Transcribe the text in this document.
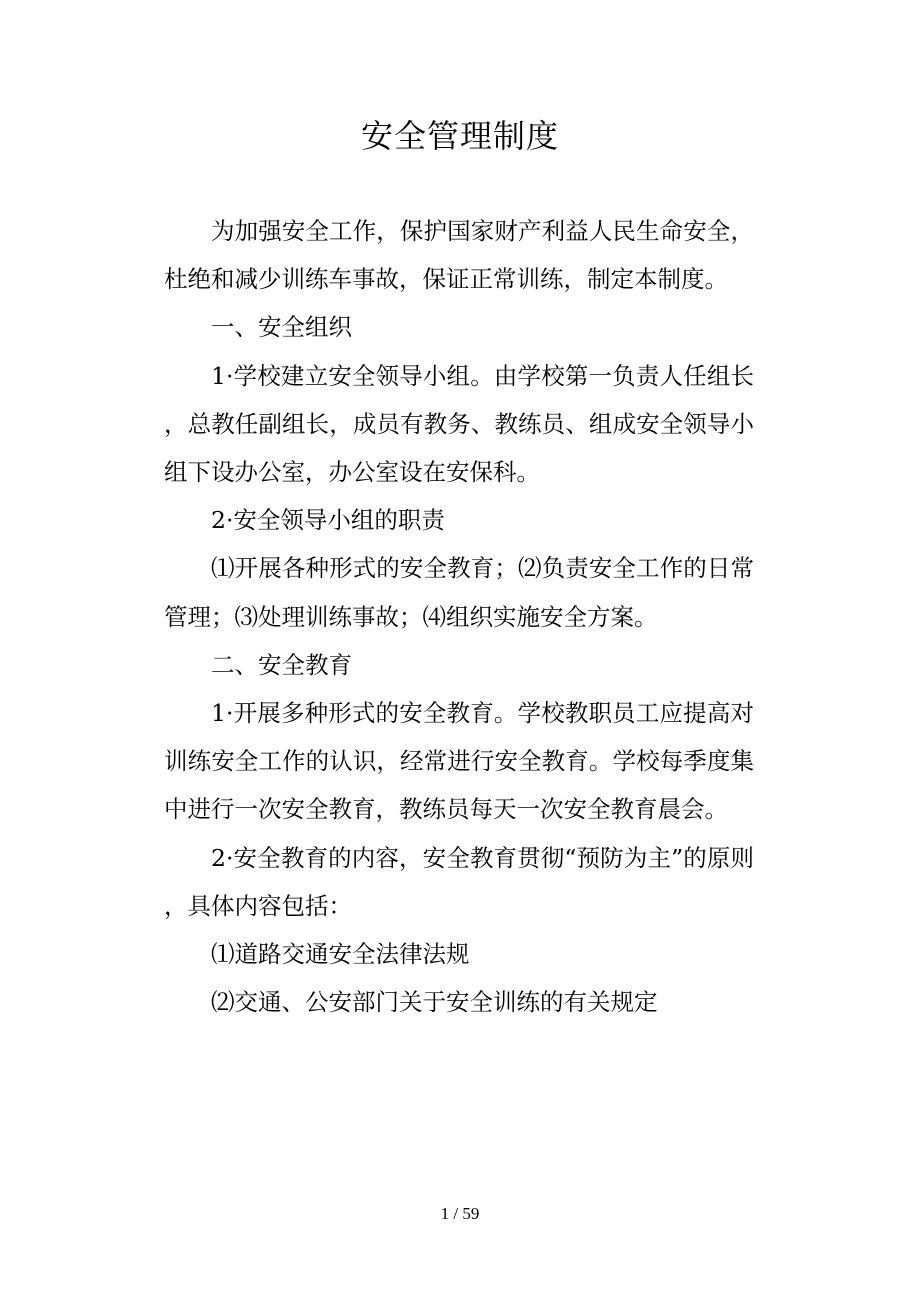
安全管理制度

为加强安全工作，保护国家财产利益人民生命安全，杜绝和减少训练车事故，保证正常训练，制定本制度。

一、安全组织

1·学校建立安全领导小组。由学校第一负责人任组长，总教任副组长，成员有教务、教练员、组成安全领导小组下设办公室，办公室设在安保科。

2·安全领导小组的职责

⑴开展各种形式的安全教育；⑵负责安全工作的日常管理；⑶处理训练事故；⑷组织实施安全方案。

二、安全教育

1·开展多种形式的安全教育。学校教职员工应提高对训练安全工作的认识，经常进行安全教育。学校每季度集中进行一次安全教育，教练员每天一次安全教育晨会。

2·安全教育的内容，安全教育贯彻“预防为主”的原则，具体内容包括：

⑴道路交通安全法律法规

⑵交通、公安部门关于安全训练的有关规定

1 / 59
